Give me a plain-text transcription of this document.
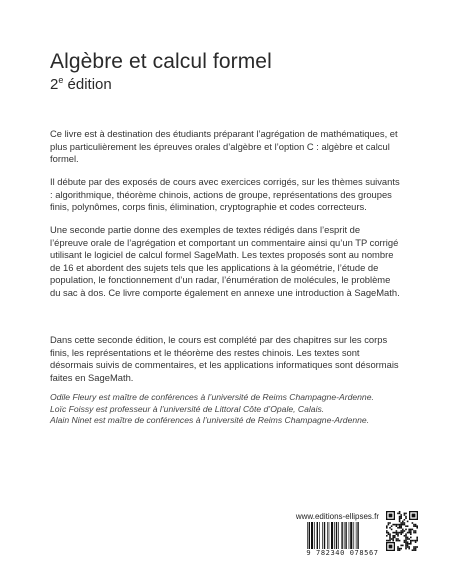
Algèbre et calcul formel

2e édition

Ce livre est à destination des étudiants préparant l’agrégation de mathématiques, et plus particulièrement les épreuves orales d’algèbre et l’option C : algèbre et calcul formel.

Il débute par des exposés de cours avec exercices corrigés, sur les thèmes suivants : algorithmique, théorème chinois, actions de groupe, représentations des groupes finis, polynômes, corps finis, élimination, cryptographie et codes correcteurs.

Une seconde partie donne des exemples de textes rédigés dans l’esprit de l’épreuve orale de l’agrégation et comportant un commentaire ainsi qu’un TP corrigé utilisant le logiciel de calcul formel SageMath. Les textes proposés sont au nombre de 16 et abordent des sujets tels que les applications à la géométrie, l’étude de population, le fonctionnement d’un radar, l’énumération de molécules, le problème du sac à dos. Ce livre comporte également en annexe une introduction à SageMath.

Dans cette seconde édition, le cours est complété par des chapitres sur les corps finis, les représentations et le théorème des restes chinois. Les textes sont désormais suivis de commentaires, et les applications informatiques sont désormais faites en SageMath.

Odile Fleury est maître de conférences à l’université de Reims Champagne-Ardenne.
Loïc Foissy est professeur à l’université de Littoral Côte d’Opale, Calais.
Alain Ninet est maître de conférences à l’université de Reims Champagne-Ardenne.

www.editions-ellipses.fr

9 782340 078567
